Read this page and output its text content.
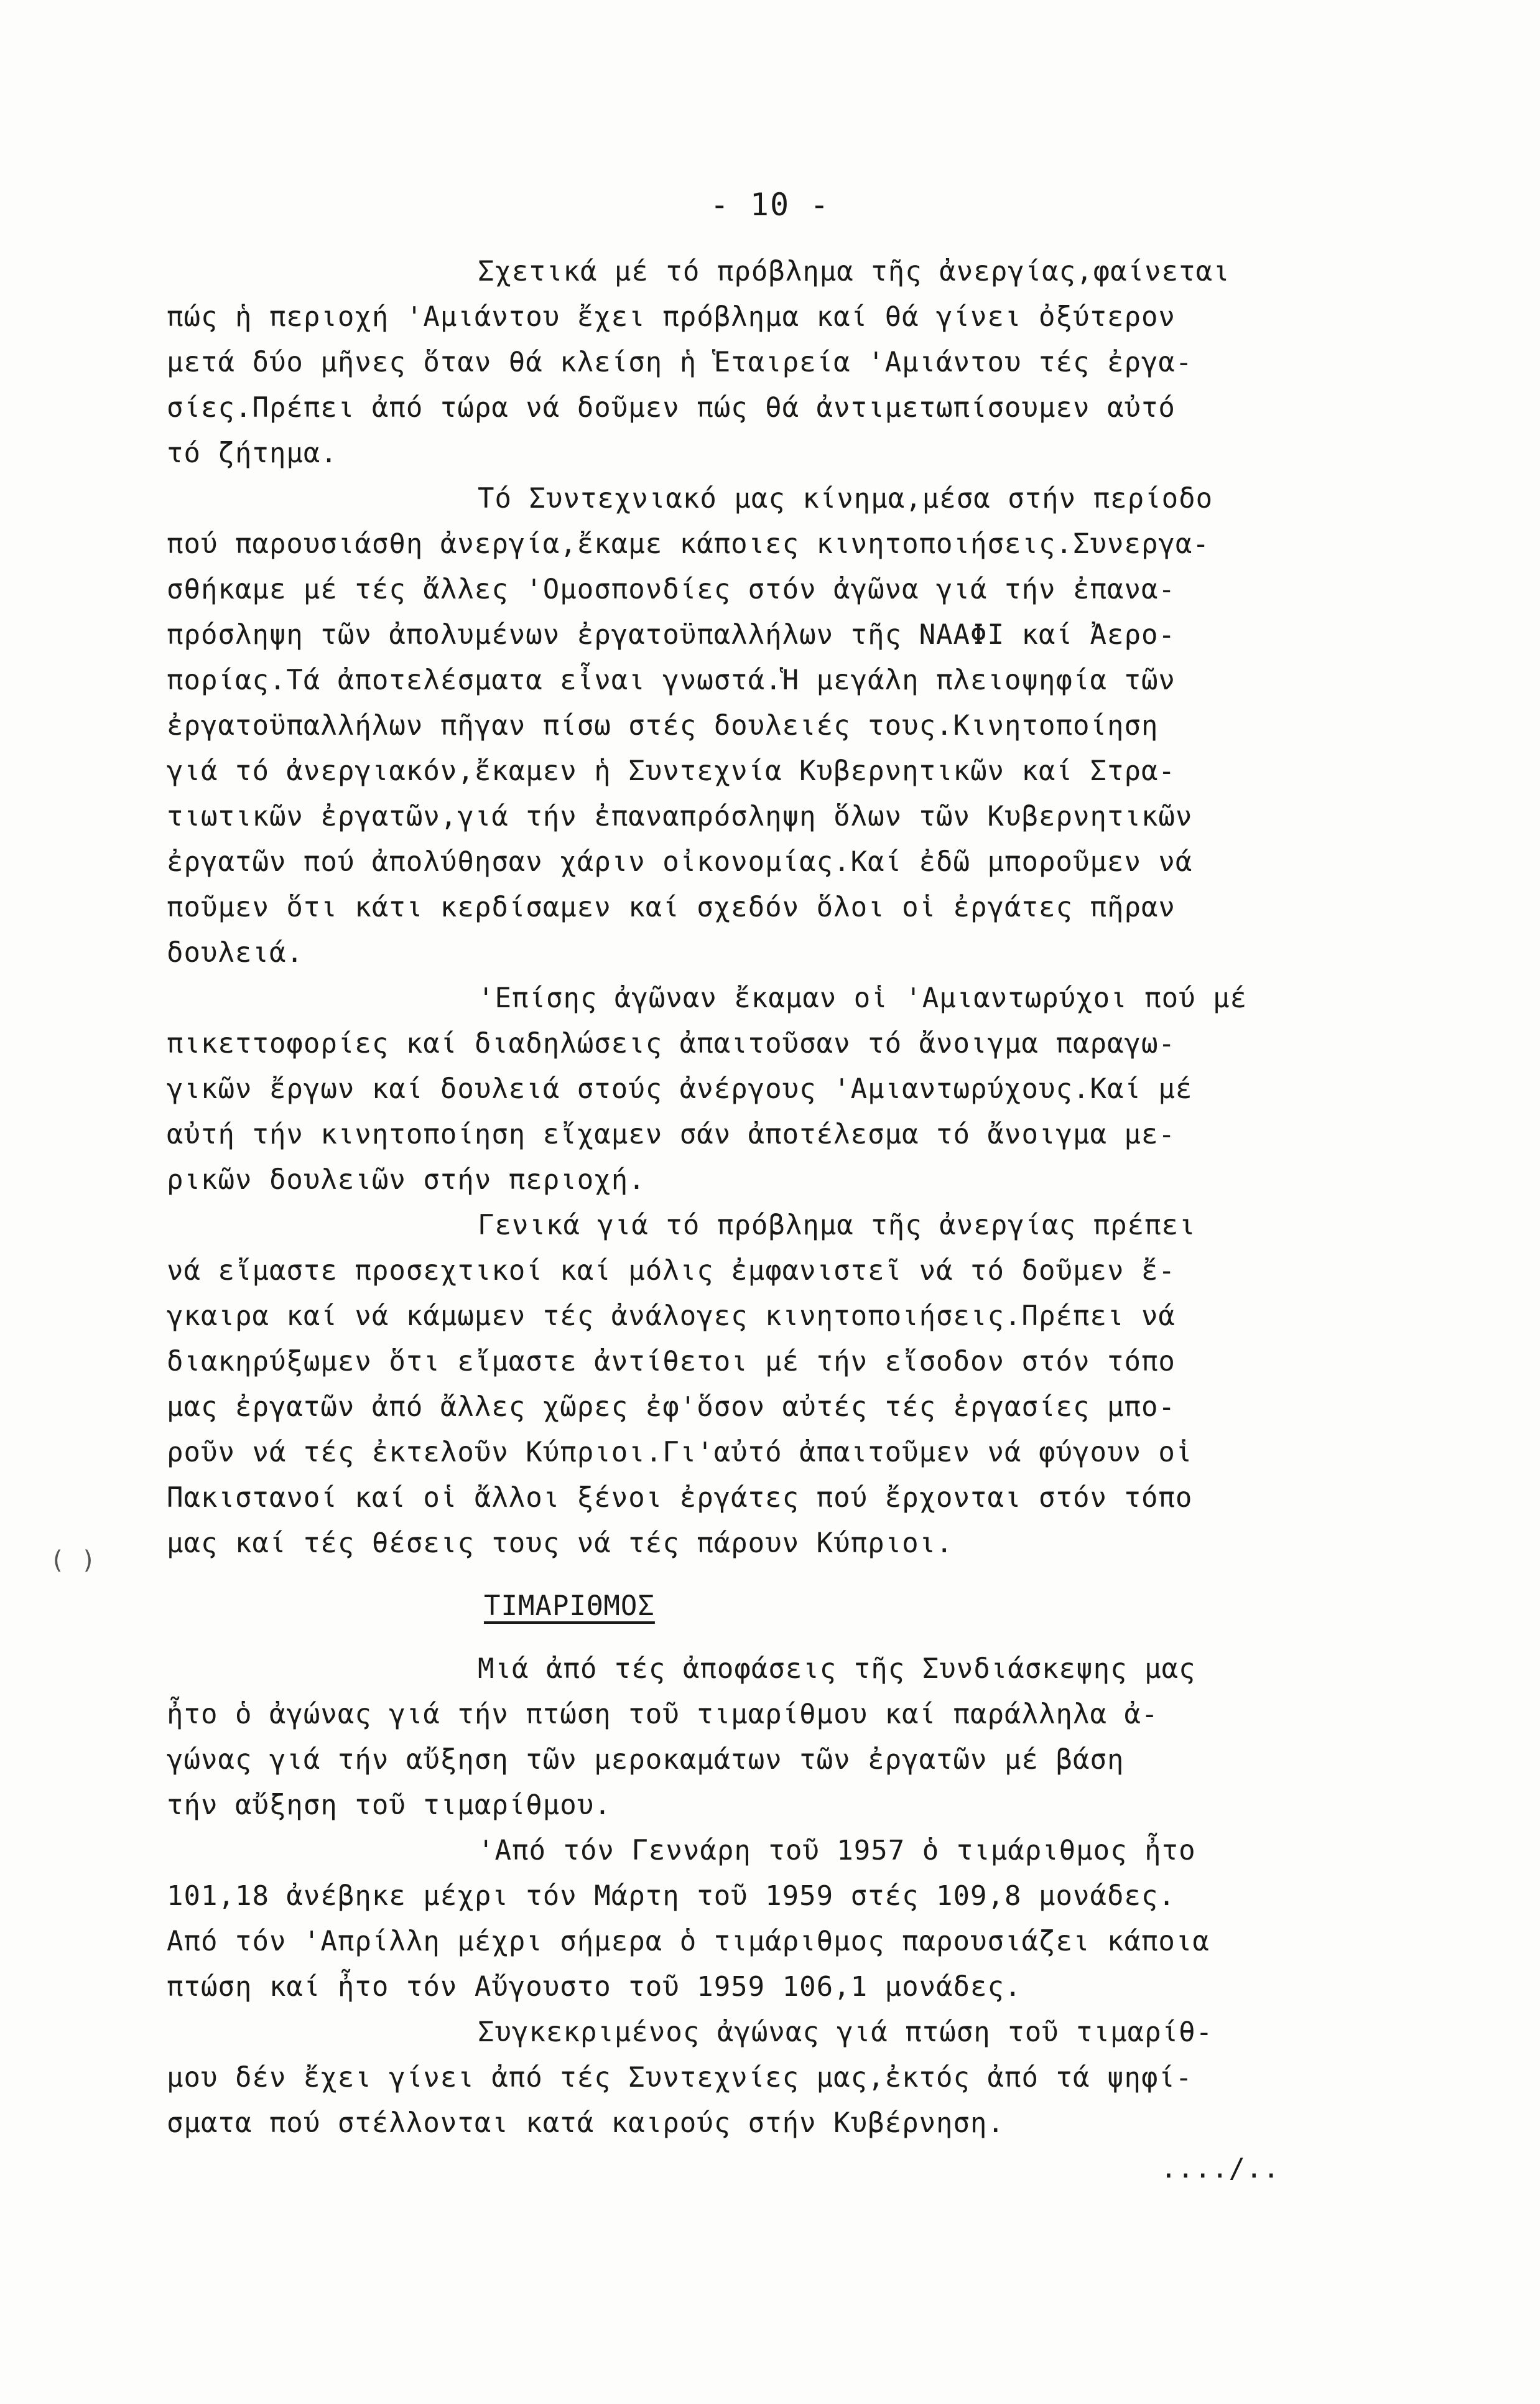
- 10 -
Σχετικά μέ τό πρόβλημα τῆς ἀνεργίας,φαίνεται
πώς ἡ περιοχή 'Αμιάντου ἔχει πρόβλημα καί θά γίνει ὀξύτερον
μετά δύο μῆνες ὅταν θά κλείση ἡ Ἑταιρεία 'Αμιάντου τές ἐργα-
σίες.Πρέπει ἀπό τώρα νά δοῦμεν πώς θά ἀντιμετωπίσουμεν αὐτό
τό ζήτημα.
Τό Συντεχνιακό μας κίνημα,μέσα στήν περίοδο
πού παρουσιάσθη ἀνεργία,ἔκαμε κάποιες κινητοποιήσεις.Συνεργα-
σθήκαμε μέ τές ἄλλες 'Ομοσπονδίες στόν ἀγῶνα γιά τήν ἐπανα-
πρόσληψη τῶν ἀπολυμένων ἐργατοϋπαλλήλων τῆς ΝΑΑΦΙ καί Ἀερο-
πορίας.Τά ἀποτελέσματα εἶναι γνωστά.Ἡ μεγάλη πλειοψηφία τῶν
ἐργατοϋπαλλήλων πῆγαν πίσω στές δουλειές τους.Κινητοποίηση
γιά τό ἀνεργιακόν,ἔκαμεν ἡ Συντεχνία Κυβερνητικῶν καί Στρα-
τιωτικῶν ἐργατῶν,γιά τήν ἐπαναπρόσληψη ὅλων τῶν Κυβερνητικῶν
ἐργατῶν πού ἀπολύθησαν χάριν οἰκονομίας.Καί ἐδῶ μποροῦμεν νά
ποῦμεν ὅτι κάτι κερδίσαμεν καί σχεδόν ὅλοι οἱ ἐργάτες πῆραν
δουλειά.
'Επίσης ἀγῶναν ἔκαμαν οἱ 'Αμιαντωρύχοι πού μέ
πικεττοφορίες καί διαδηλώσεις ἀπαιτοῦσαν τό ἄνοιγμα παραγω-
γικῶν ἔργων καί δουλειά στούς ἀνέργους 'Αμιαντωρύχους.Καί μέ
αὐτή τήν κινητοποίηση εἴχαμεν σάν ἀποτέλεσμα τό ἄνοιγμα με-
ρικῶν δουλειῶν στήν περιοχή.
Γενικά γιά τό πρόβλημα τῆς ἀνεργίας πρέπει
νά εἴμαστε προσεχτικοί καί μόλις ἐμφανιστεῖ νά τό δοῦμεν ἔ-
γκαιρα καί νά κάμωμεν τές ἀνάλογες κινητοποιήσεις.Πρέπει νά
διακηρύξωμεν ὅτι εἴμαστε ἀντίθετοι μέ τήν εἴσοδον στόν τόπο
μας ἐργατῶν ἀπό ἄλλες χῶρες ἐφ'ὅσον αὐτές τές ἐργασίες μπο-
ροῦν νά τές ἐκτελοῦν Κύπριοι.Γι'αὐτό ἀπαιτοῦμεν νά φύγουν οἱ
Πακιστανοί καί οἱ ἄλλοι ξένοι ἐργάτες πού ἔρχονται στόν τόπο
μας καί τές θέσεις τους νά τές πάρουν Κύπριοι.
ΤΙΜΑΡΙΘΜΟΣ
Μιά ἀπό τές ἀποφάσεις τῆς Συνδιάσκεψης μας
ἦτο ὁ ἀγώνας γιά τήν πτώση τοῦ τιμαρίθμου καί παράλληλα ἀ-
γώνας γιά τήν αὔξηση τῶν μεροκαμάτων τῶν ἐργατῶν μέ βάση
τήν αὔξηση τοῦ τιμαρίθμου.
'Από τόν Γεννάρη τοῦ 1957 ὁ τιμάριθμος ἦτο
101,18 ἀνέβηκε μέχρι τόν Μάρτη τοῦ 1959 στές 109,8 μονάδες.
Από τόν 'Απρίλλη μέχρι σήμερα ὁ τιμάριθμος παρουσιάζει κάποια
πτώση καί ἦτο τόν Αὔγουστο τοῦ 1959 106,1 μονάδες.
Συγκεκριμένος ἀγώνας γιά πτώση τοῦ τιμαρίθ-
μου δέν ἔχει γίνει ἀπό τές Συντεχνίες μας,ἐκτός ἀπό τά ψηφί-
σματα πού στέλλονται κατά καιρούς στήν Κυβέρνηση.
..../..
( )
